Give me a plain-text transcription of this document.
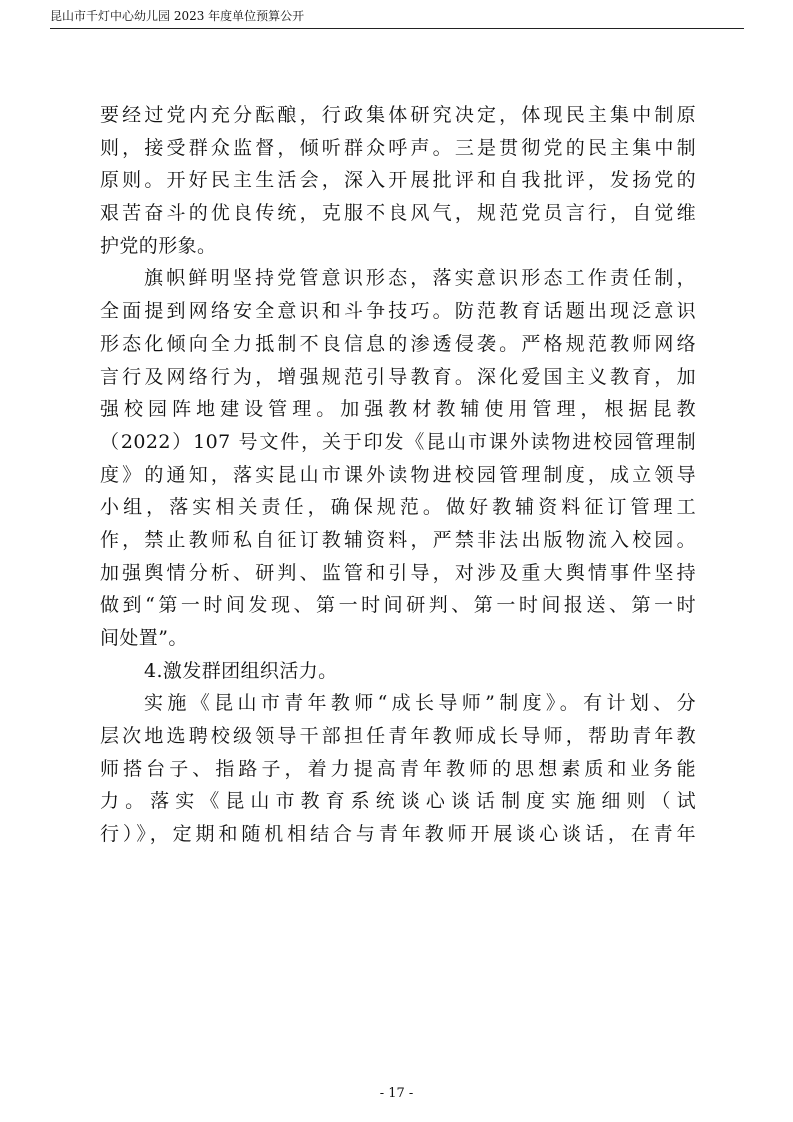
昆山市千灯中心幼儿园 2023 年度单位预算公开
要经过党内充分酝酿，行政集体研究决定，体现民主集中制原
则，接受群众监督，倾听群众呼声。三是贯彻党的民主集中制
原则。开好民主生活会，深入开展批评和自我批评，发扬党的
艰苦奋斗的优良传统，克服不良风气，规范党员言行，自觉维
护党的形象。
旗帜鲜明坚持党管意识形态，落实意识形态工作责任制，
全面提到网络安全意识和斗争技巧。防范教育话题出现泛意识
形态化倾向全力抵制不良信息的渗透侵袭。严格规范教师网络
言行及网络行为，增强规范引导教育。深化爱国主义教育，加
强校园阵地建设管理。加强教材教辅使用管理，根据昆教
（2022）107 号文件，关于印发《昆山市课外读物进校园管理制
度》的通知，落实昆山市课外读物进校园管理制度，成立领导
小组，落实相关责任，确保规范。做好教辅资料征订管理工
作，禁止教师私自征订教辅资料，严禁非法出版物流入校园。
加强舆情分析、研判、监管和引导，对涉及重大舆情事件坚持
做到“第一时间发现、第一时间研判、第一时间报送、第一时
间处置”。
4.激发群团组织活力。
实施《昆山市青年教师“成长导师”制度》。有计划、分
层次地选聘校级领导干部担任青年教师成长导师，帮助青年教
师搭台子、指路子，着力提高青年教师的思想素质和业务能
力。落实《昆山市教育系统谈心谈话制度实施细则（试
行）》，定期和随机相结合与青年教师开展谈心谈话，在青年
- 17 -
